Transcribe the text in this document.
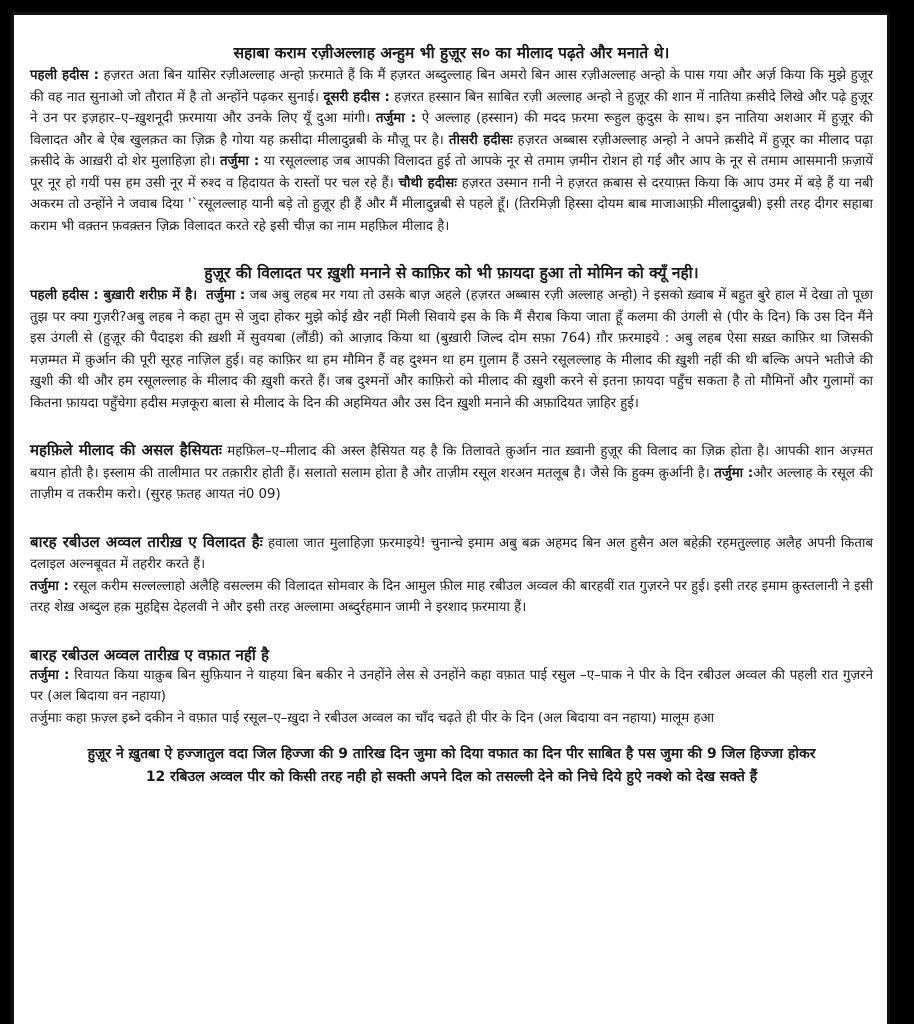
सहाबा कराम रज़ीअल्लाह अन्हुम भी हुज़ूर स० का मीलाद पढ़ते और मनाते थे।

पहली हदीस : हज़रत अता बिन यासिर रज़ीअल्लाह अन्हो फ़रमाते हैं कि मैं हज़रत अब्दुल्लाह बिन अमरो बिन आस रज़ीअल्लाह अन्हो के पास गया और अर्ज़ किया कि मुझे हुज़ूर की वह नात सुनाओ जो तौरात में है तो अन्होंने पढ़कर सुनाई। दूसरी हदीस : हज़रत हस्सान बिन साबित रज़ी अल्लाह अन्हो ने हुज़ूर की शान में नातिया क़सीदे लिखे और पढ़े हुज़ूर ने उन पर इज़हार–ए–ख़ुशनूदी फ़रमाया और उनके लिए यूँ दुआ मांगी। तर्जुमा : ऐ अल्लाह (हस्सान) की मदद फ़रमा रूहुल क़ुदुस के साथ। इन नातिया अशआर में हुज़ूर की विलादत और बे ऐब खुलक़त का ज़िक्र है गोया यह क़सीदा मीलादुन्नबी के मौज़ू पर है। तीसरी हदीसः हज़रत अब्बास रज़ीअल्लाह अन्हो ने अपने क़सीदे में हुज़ूर का मीलाद पढ़ा क़सीदे के आख़री दो शेर मुलाहिज़ा हो। तर्जुमा : या रसूलल्लाह जब आपकी विलादत हुई तो आपके नूर से तमाम ज़मीन रोशन हो गई और आप के नूर से तमाम आसमानी फ़ज़ायें पूर नूर हो गयीं पस हम उसी नूर में रुश्द व हिदायत के रास्तों पर चल रहे हैं। चौथी हदीसः हज़रत उस्मान ग़नी ने हज़रत क़बास से दरयाफ़्त किया कि आप उमर में बड़े हैं या नबी अकरम तो उन्होंने ने जवाब दिया '`रसूलल्लाह यानी बड़े तो हुज़ूर ही हैं और मैं मीलादुन्नबी से पहले हूँ। (तिरमिज़ी हिस्सा दोयम बाब माजाआफ़ी मीलादुन्नबी) इसी तरह दीगर सहाबा कराम भी वक़्तन फ़वक़्तन ज़िक्र विलादत करते रहे इसी चीज़ का नाम महफ़िल मीलाद है।

हुज़ूर की विलादत पर ख़ुशी मनाने से काफ़िर को भी फ़ायदा हुआ तो मोमिन को क्यूँ नही।

पहली हदीस : बुख़ारी शरीफ़ में है। तर्जुमा : जब अबु लहब मर गया तो उसके बाज़ अहले (हज़रत अब्बास रज़ी अल्लाह अन्हो) ने इसको ख़्वाब में बहुत बुरे हाल में देखा तो पूछा तुझ पर क्या गुज़री?अबु लहब ने कहा तुम से जुदा होकर मुझे कोई ख़ैर नहीं मिली सिवाये इस के कि मैं सैराब किया जाता हूँ कलमा की उंगली से (पीर के दिन) कि उस दिन मैंने इस उंगली से (हुज़ूर की पैदाइश की ख़शी में सुवयबा (लौंडी) को आज़ाद किया था (बुख़ारी जिल्द दोम सफ़ा 764) ग़ौर फ़रमाइये : अबु लहब ऐसा सख़्त काफ़िर था जिसकी मज़म्मत में क़ुर्आन की पूरी सूरह नाज़िल हुई। वह काफ़िर था हम मौमिन हैं वह दुश्मन था हम ग़ुलाम हैं उसने रसूलल्लाह के मीलाद की ख़ुशी नहीं की थी बल्कि अपने भतीजे की ख़ुशी की थी और हम रसूलल्लाह के मीलाद की ख़ुशी करते हैं। जब दुश्मनों और काफ़िरो को मीलाद की ख़ुशी करने से इतना फ़ायदा पहुँच सकता है तो मौमिनों और गुलामों का कितना फ़ायदा पहुँचेगा हदीस मज़कूरा बाला से मीलाद के दिन की अहमियत और उस दिन ख़ुशी मनाने की अफ़ादियत ज़ाहिर हुई।

महफ़िले मीलाद की असल हैसियतः महफ़िल–ए–मीलाद की अस्ल हैसियत यह है कि तिलावते क़ुर्आन नात ख़्वानी हुज़ूर की विलाद का ज़िक्र होता है। आपकी शान अज़्मत बयान होती है। इस्लाम की तालीमात पर तक़ारीर होती हैं। सलातो सलाम होता है और ताज़ीम रसूल शरअन मतलूब है। जैसे कि हुक्म क़ुर्आनी है। तर्जुमा :और अल्लाह के रसूल की ताज़ीम व तकरीम करो। (सुरह फ़तह आयत नं0 09)

बारह रबीउल अव्वल तारीख़ ए विलादत हैः हवाला जात मुलाहिज़ा फ़रमाइये! चुनान्चे इमाम अबु बक्र अहमद बिन अल हुसैन अल बहेक़ी रहमतुल्लाह अलैह अपनी किताब दलाइल अल्नबूवत में तहरीर करते हैं।

तर्जुमा : रसूल करीम सल्लल्लाहो अलैहि वसल्लम की विलादत सोमवार के दिन आमुल फ़ील माह रबीउल अव्वल की बारहवीं रात गुज़रने पर हुई। इसी तरह इमाम क़ुस्तलानी ने इसी तरह शेख़ अब्दुल हक़ मुहद्दिस देहलवी ने और इसी तरह अल्लामा अब्दुर्रहमान जामी ने इरशाद फ़रमाया हैं।

बारह रबीउल अव्वल तारीख़ ए वफ़ात नहीं है

तर्जुमा : रिवायत किया याक़ुब बिन सुफ़ियान ने याहया बिन बकीर ने उनहोंने लेस से उनहोंने कहा वफ़ात पाई रसुल –ए–पाक ने पीर के दिन रबीउल अव्वल की पहली रात गुज़रने पर (अल बिदाया वन नहाया)

तर्जुमाः कहा फ़ज़्ल इब्ने दकीन ने वफ़ात पाई रसूल–ए–ख़ुदा ने रबीउल अव्वल का चाँद चढ़ते ही पीर के दिन (अल बिदाया वन नहाया) मालूम हआ

हुज़ूर ने ख़ुतबा ऐ हज्जातुल वदा जिल हिज्जा की 9 तारिख दिन जुमा को दिया वफात का दिन पीर साबित है पस जुमा की 9 जिल हिज्जा होकर
12 रबिउल अव्वल पीर को किसी तरह नही हो सक्ती अपने दिल को तसल्ली देने को निचे दिये हुऐ नक्शे को देख सक्ते हैं
